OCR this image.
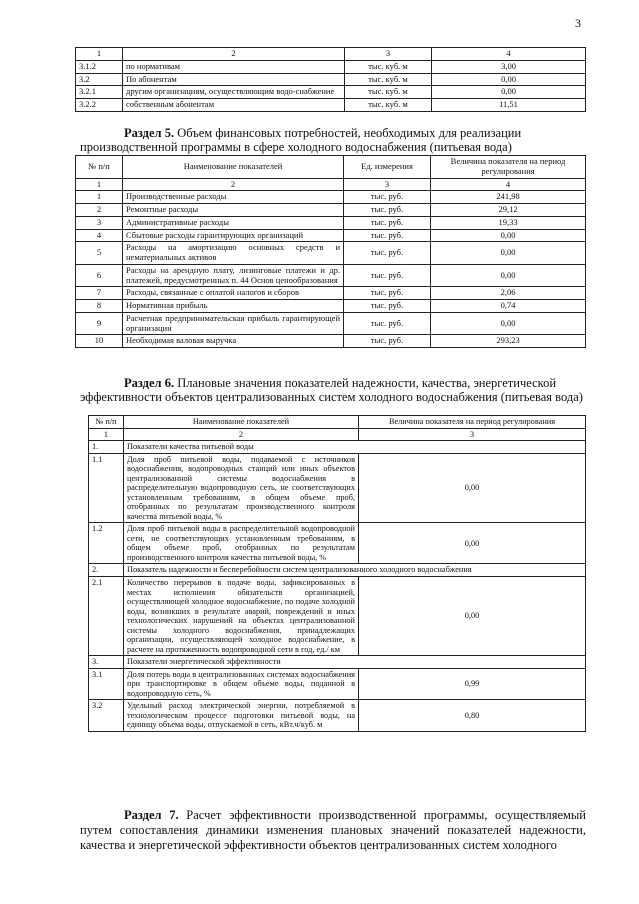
3
1	2	3	4
3.1.2	по нормативам	тыс. куб. м	3,00
3.2	По абонентам	тыс. куб. м	0,00
3.2.1	другим организациям, осуществляющим водо-снабжение	тыс. куб. м	0,00
3.2.2	собственным абонентам	тыс. куб. м	11,51

Раздел 5. Объем финансовых потребностей, необходимых для реализации производственной программы в сфере холодного водоснабжения (питьевая вода)

№ п/п	Наименование показателей	Ед. измерения	Величина показателя на период регулирования
1	2	3	4
1	Производственные расходы	тыс. руб.	241,98
2	Ремонтные расходы	тыс. руб.	29,12
3	Административные расходы	тыс. руб.	19,33
4	Сбытовые расходы гарантирующих организаций	тыс. руб.	0,00
5	Расходы на амортизацию основных средств и нематериальных активов	тыс. руб.	0,00
6	Расходы на арендную плату, лизинговые платежи и др. платежей, предусмотренных п. 44 Основ ценообразования	тыс. руб.	0,00
7	Расходы, связанные с оплатой налогов и сборов	тыс. руб.	2,06
8	Нормативная прибыль	тыс. руб.	0,74
9	Расчетная предпринимательская прибыль гарантирующей организации	тыс. руб.	0,00
10	Необходимая валовая выручка	тыс. руб.	293,23

Раздел 6. Плановые значения показателей надежности, качества, энергетической эффективности объектов централизованных систем холодного водоснабжения (питьевая вода)

№ п/п	Наименование показателей	Величина показателя на период регулирования
1	2	3
1.	Показатели качества питьевой воды	
1.1	Доля проб питьевой воды, подаваемой с источников водоснабжения, водопроводных станций или иных объектов централизованной системы водоснабжения в распределительную водопроводную сеть, не соответствующих установленным требованиям, в общем объеме проб, отобранных по результатам производственного контроля качества питьевой воды, %	0,00
1.2	Доля проб питьевой воды в распределительной водопроводной сети, не соответствующих установленным требованиям, в общем объеме проб, отобранных по результатам производственного контроля качества питьевой воды, %	0,00
2.	Показатель надежности и бесперебойности систем централизованного холодного водоснабжения	
2.1	Количество перерывов в подаче воды, зафиксированных в местах исполнения обязательств организацией, осуществляющей холодное водоснабжение, по подаче холодной воды, возникших в результате аварий, повреждений и иных технологических нарушений на объектах централизованной системы холодного водоснабжения, принадлежащих организации, осуществляющей холодное водоснабжение, в расчете на протяженность водопроводной сети в год, ед./ км	0,00
3.	Показатели энергетической эффективности	
3.1	Доля потерь воды в централизованных системах водоснабжения при транспортировке в общем объеме воды, поданной в водопроводную сеть, %	0,99
3.2	Удельный расход электрической энергии, потребляемой в технологическом процессе подготовки питьевой воды, на единицу объема воды, отпускаемой в сеть, кВт.ч/куб. м	0,80

Раздел 7. Расчет эффективности производственной программы, осуществляемый путем сопоставления динамики изменения плановых значений показателей надежности, качества и энергетической эффективности объектов централизованных систем холодного
